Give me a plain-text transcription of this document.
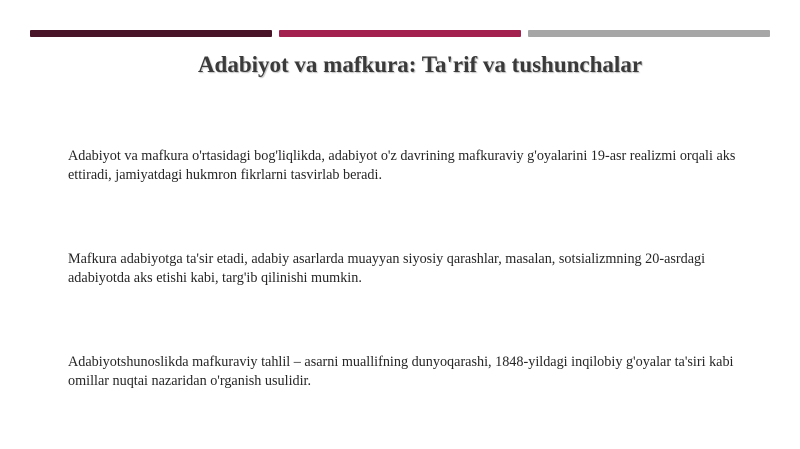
Adabiyot va mafkura: Ta'rif va tushunchalar
Adabiyot va mafkura o'rtasidagi bog'liqlikda, adabiyot o'z davrining mafkuraviy g'oyalarini 19-asr realizmi orqali aks ettiradi, jamiyatdagi hukmron fikrlarni tasvirlab beradi.
Mafkura adabiyotga ta'sir etadi, adabiy asarlarda muayyan siyosiy qarashlar, masalan, sotsializmning 20-asrdagi adabiyotda aks etishi kabi, targ'ib qilinishi mumkin.
Adabiyotshunoslikda mafkuraviy tahlil – asarni muallifning dunyoqarashi, 1848-yildagi inqilobiy g'oyalar ta'siri kabi omillar nuqtai nazaridan o'rganish usulidir.
